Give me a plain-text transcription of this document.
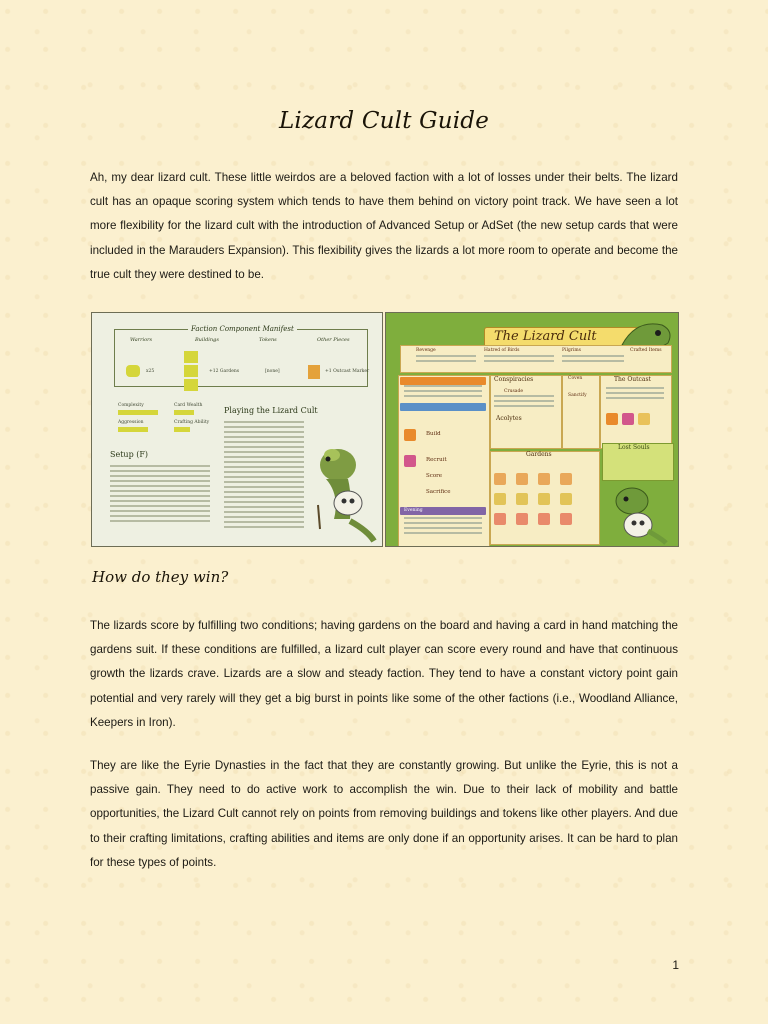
Lizard Cult Guide
Ah, my dear lizard cult. These little weirdos are a beloved faction with a lot of losses under their belts. The lizard cult has an opaque scoring system which tends to have them behind on victory point track. We have seen a lot more flexibility for the lizard cult with the introduction of Advanced Setup or AdSet (the new setup cards that were included in the Marauders Expansion). This flexibility gives the lizards a lot more room to operate and become the true cult they were destined to be.
Faction Component Manifest
Warriors	Buildings	Tokens	Other Pieces
x25	+12 Gardens	[none]	+1 Outcast Marker
Complexity	Card Wealth
Aggression	Crafting Ability
Playing the Lizard Cult
Setup (F)
The Lizard Cult
Revenge	Hatred of Birds	Pilgrims	Crafted Items
Evening
Build
Recruit
Score
Sacrifice
Conspiracies
Crusade
Acolytes
Coven
Sanctify
The Outcast
Gardens
Lost Souls
How do they win?
The lizards score by fulfilling two conditions; having gardens on the board and having a card in hand matching the gardens suit. If these conditions are fulfilled, a lizard cult player can score every round and have that continuous growth the lizards crave. Lizards are a slow and steady faction. They tend to have a constant victory point gain potential and very rarely will they get a big burst in points like some of the other factions (i.e., Woodland Alliance, Keepers in Iron).
They are like the Eyrie Dynasties in the fact that they are constantly growing. But unlike the Eyrie, this is not a passive gain. They need to do active work to accomplish the win. Due to their lack of mobility and battle opportunities, the Lizard Cult cannot rely on points from removing buildings and tokens like other players. And due to their crafting limitations, crafting abilities and items are only done if an opportunity arises. It can be hard to plan for these types of points.
1
